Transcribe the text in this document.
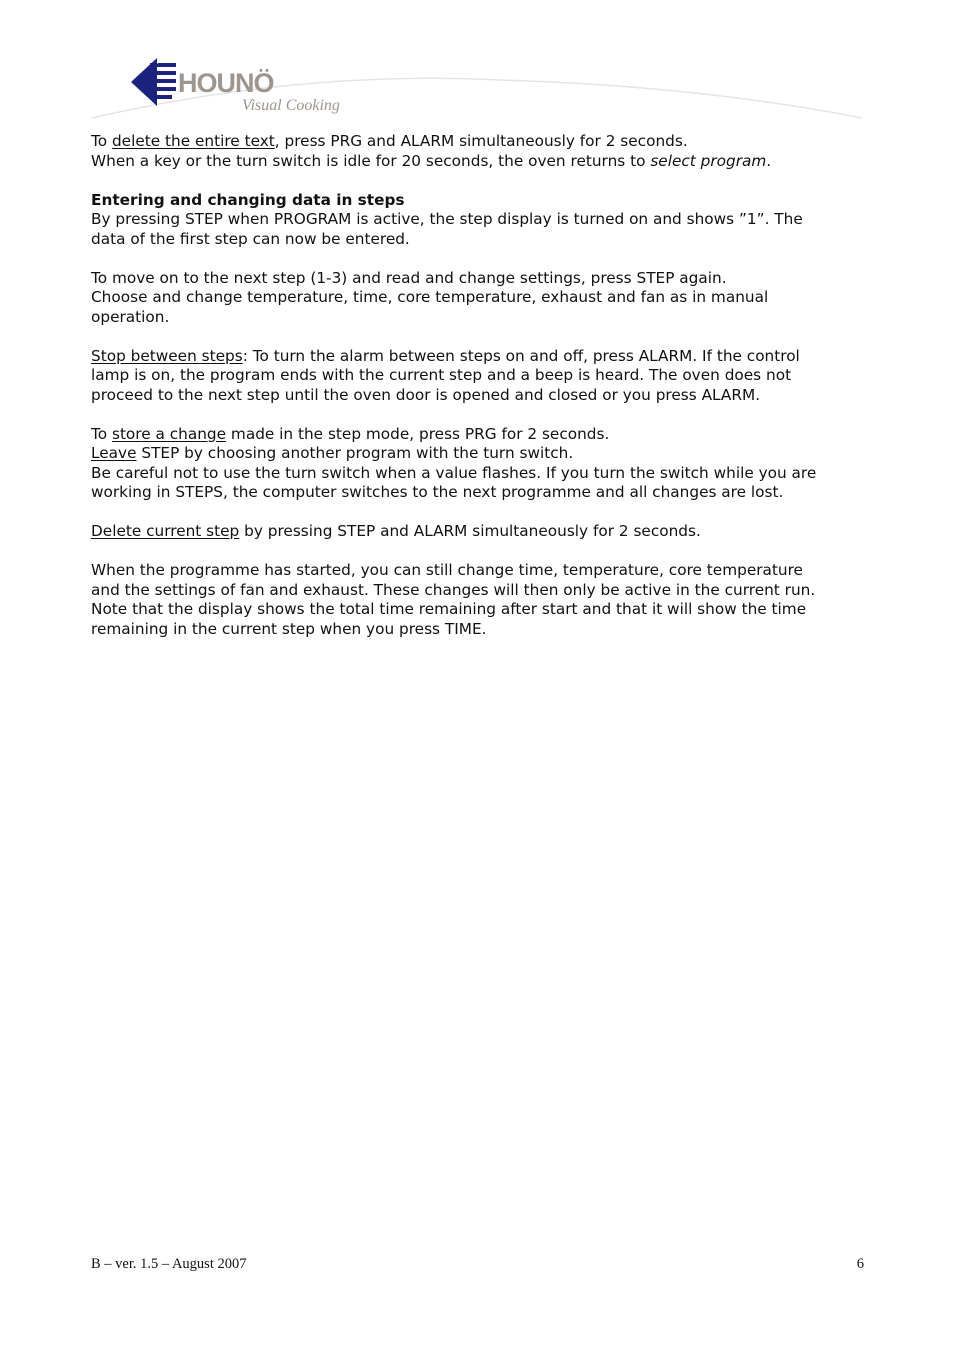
HOUNÖ
Visual Cooking
To delete the entire text, press PRG and ALARM simultaneously for 2 seconds.
When a key or the turn switch is idle for 20 seconds, the oven returns to select program.
Entering and changing data in steps
By pressing STEP when PROGRAM is active, the step display is turned on and shows ”1”. The
data of the first step can now be entered.
To move on to the next step (1-3) and read and change settings, press STEP again.
Choose and change temperature, time, core temperature, exhaust and fan as in manual
operation.
Stop between steps: To turn the alarm between steps on and off, press ALARM. If the control
lamp is on, the program ends with the current step and a beep is heard. The oven does not
proceed to the next step until the oven door is opened and closed or you press ALARM.
To store a change made in the step mode, press PRG for 2 seconds.
Leave STEP by choosing another program with the turn switch.
Be careful not to use the turn switch when a value flashes. If you turn the switch while you are
working in STEPS, the computer switches to the next programme and all changes are lost.
Delete current step by pressing STEP and ALARM simultaneously for 2 seconds.
When the programme has started, you can still change time, temperature, core temperature
and the settings of fan and exhaust. These changes will then only be active in the current run.
Note that the display shows the total time remaining after start and that it will show the time
remaining in the current step when you press TIME.
B – ver. 1.5 – August 2007	6
